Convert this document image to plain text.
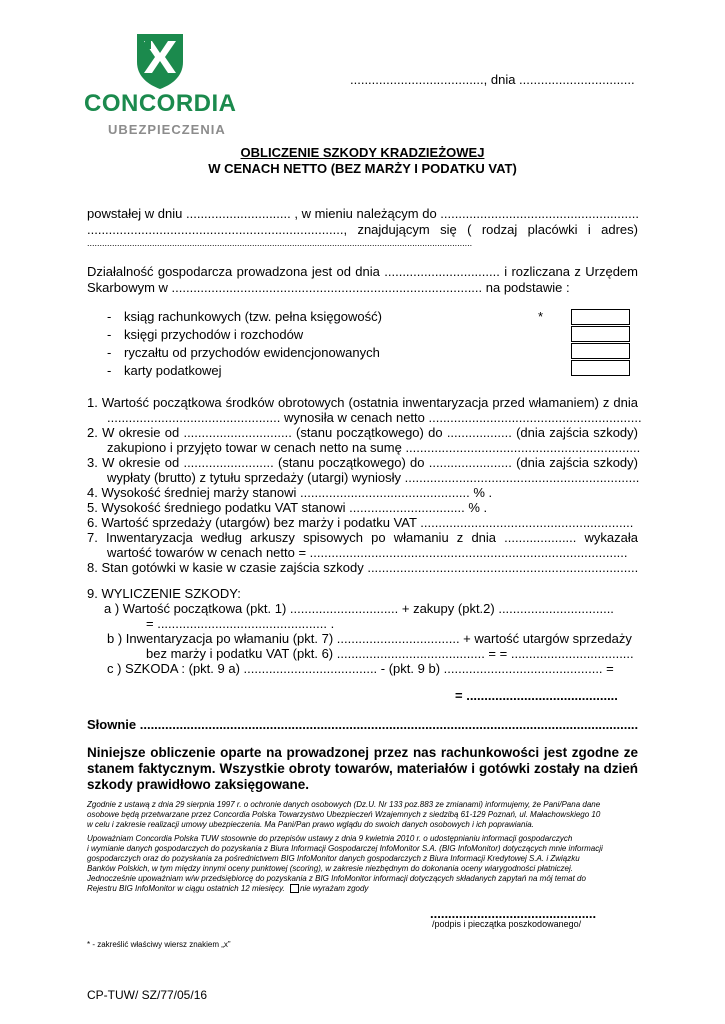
CONCORDIA
UBEZPIECZENIA
....................................., dnia ................................
OBLICZENIE SZKODY KRADZIEŻOWEJ
W CENACH NETTO (BEZ MARŻY I PODATKU VAT)
powstałej w dniu ............................. , w mieniu należącym do .......................................................
......................................................................., znajdującym się ( rodzaj placówki i adres)
..........................................................................................................................................................
Działalność gospodarcza prowadzona jest od dnia ................................ i rozliczana z Urzędem
Skarbowym w ...................................................................................... na podstawie :
- ksiąg rachunkowych (tzw. pełna księgowość)
- księgi przychodów i rozchodów
- ryczałtu od przychodów ewidencjonowanych
- karty podatkowej
*
1. Wartość początkowa środków obrotowych (ostatnia inwentaryzacja przed włamaniem) z dnia
................................................ wynosiła w cenach netto ...........................................................
2. W okresie od .............................. (stanu początkowego) do .................. (dnia zajścia szkody)
zakupiono i przyjęto towar w cenach netto na sumę .................................................................
3. W okresie od ......................... (stanu początkowego) do ....................... (dnia zajścia szkody)
wypłaty (brutto) z tytułu sprzedaży (utargi) wyniosły .................................................................
4. Wysokość średniej marży stanowi ............................................... % .
5. Wysokość średniego podatku VAT stanowi ................................ % .
6. Wartość sprzedaży (utargów) bez marży i podatku VAT ...........................................................
7. Inwentaryzacja według arkuszy spisowych po włamaniu z dnia .................... wykazała
wartość towarów w cenach netto = ........................................................................................
8. Stan gotówki w kasie w czasie zajścia szkody ...........................................................................
9. WYLICZENIE SZKODY:
a ) Wartość początkowa (pkt. 1) .............................. + zakupy (pkt.2) ................................
= ............................................... .
b ) Inwentaryzacja po włamaniu (pkt. 7) .................................. + wartość utargów sprzedaży
bez marży i podatku VAT (pkt. 6) ......................................... = = ..................................
c ) SZKODA : (pkt. 9 a) ..................................... - (pkt. 9 b) ............................................ =
= ..........................................
Słownie ..........................................................................................................................................
Niniejsze obliczenie oparte na prowadzonej przez nas rachunkowości jest zgodne ze
stanem faktycznym. Wszystkie obroty towarów, materiałów i gotówki zostały na dzień
szkody prawidłowo zaksięgowane.
Zgodnie z ustawą z dnia 29 sierpnia 1997 r. o ochronie danych osobowych (Dz.U. Nr 133 poz.883 ze zmianami) informujemy, że Pani/Pana dane
osobowe będą przetwarzane przez Concordia Polska Towarzystwo Ubezpieczeń Wzajemnych z siedzibą 61-129 Poznań, ul. Małachowskiego 10
w celu i zakresie realizacji umowy ubezpieczenia. Ma Pani/Pan prawo wglądu do swoich danych osobowych i ich poprawiania.
Upoważniam Concordia Polska TUW stosownie do przepisów ustawy z dnia 9 kwietnia 2010 r. o udostępnianiu informacji gospodarczych
i wymianie danych gospodarczych do pozyskania z Biura Informacji Gospodarczej InfoMonitor S.A. (BIG InfoMonitor) dotyczących mnie informacji
gospodarczych oraz do pozyskania za pośrednictwem BIG InfoMonitor danych gospodarczych z Biura Informacji Kredytowej S.A. i Związku
Banków Polskich, w tym między innymi oceny punktowej (scoring), w zakresie niezbędnym do dokonania oceny wiarygodności płatniczej.
Jednocześnie upoważniam w/w przedsiębiorcę do pozyskania z BIG InfoMonitor informacji dotyczących składanych zapytań na mój temat do
Rejestru BIG InfoMonitor w ciągu ostatnich 12 miesięcy. nie wyrażam zgody
..............................................
/podpis i pieczątka poszkodowanego/
* - zakreślić właściwy wiersz znakiem „x”
CP-TUW/ SZ/77/05/16
